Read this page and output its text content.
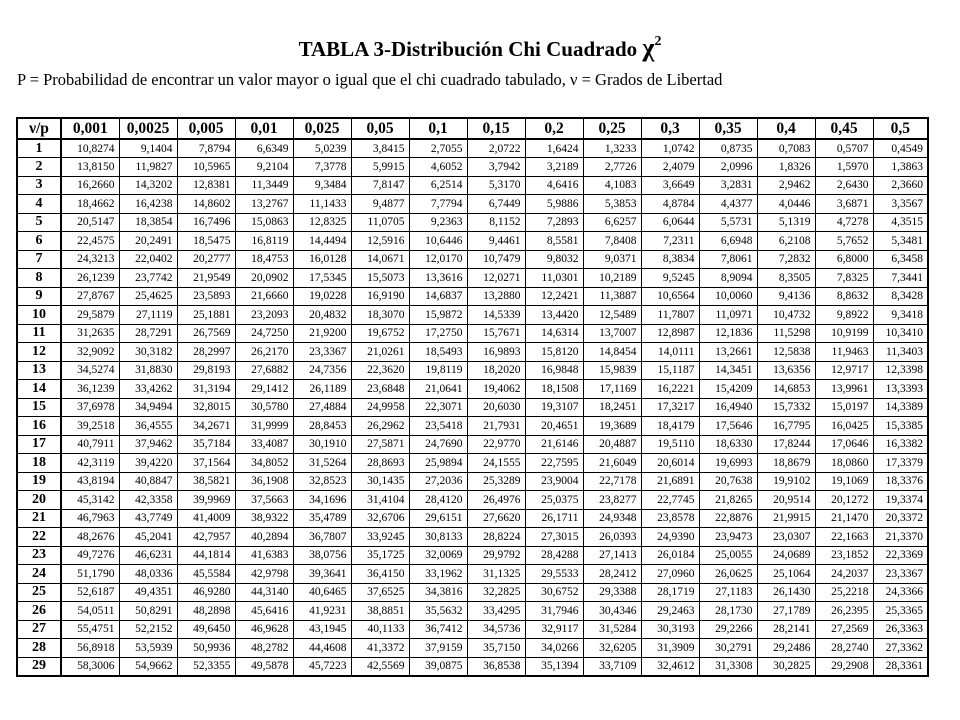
TABLA 3-Distribución Chi Cuadrado $\chi^2$
P = Probabilidad de encontrar un valor mayor o igual que el chi cuadrado tabulado, ν = Grados de Libertad
ν/p	0,001	0,0025	0,005	0,01	0,025	0,05	0,1	0,15	0,2	0,25	0,3	0,35	0,4	0,45	0,5
1	10,8274	9,1404	7,8794	6,6349	5,0239	3,8415	2,7055	2,0722	1,6424	1,3233	1,0742	0,8735	0,7083	0,5707	0,4549
2	13,8150	11,9827	10,5965	9,2104	7,3778	5,9915	4,6052	3,7942	3,2189	2,7726	2,4079	2,0996	1,8326	1,5970	1,3863
3	16,2660	14,3202	12,8381	11,3449	9,3484	7,8147	6,2514	5,3170	4,6416	4,1083	3,6649	3,2831	2,9462	2,6430	2,3660
4	18,4662	16,4238	14,8602	13,2767	11,1433	9,4877	7,7794	6,7449	5,9886	5,3853	4,8784	4,4377	4,0446	3,6871	3,3567
5	20,5147	18,3854	16,7496	15,0863	12,8325	11,0705	9,2363	8,1152	7,2893	6,6257	6,0644	5,5731	5,1319	4,7278	4,3515
6	22,4575	20,2491	18,5475	16,8119	14,4494	12,5916	10,6446	9,4461	8,5581	7,8408	7,2311	6,6948	6,2108	5,7652	5,3481
7	24,3213	22,0402	20,2777	18,4753	16,0128	14,0671	12,0170	10,7479	9,8032	9,0371	8,3834	7,8061	7,2832	6,8000	6,3458
8	26,1239	23,7742	21,9549	20,0902	17,5345	15,5073	13,3616	12,0271	11,0301	10,2189	9,5245	8,9094	8,3505	7,8325	7,3441
9	27,8767	25,4625	23,5893	21,6660	19,0228	16,9190	14,6837	13,2880	12,2421	11,3887	10,6564	10,0060	9,4136	8,8632	8,3428
10	29,5879	27,1119	25,1881	23,2093	20,4832	18,3070	15,9872	14,5339	13,4420	12,5489	11,7807	11,0971	10,4732	9,8922	9,3418
11	31,2635	28,7291	26,7569	24,7250	21,9200	19,6752	17,2750	15,7671	14,6314	13,7007	12,8987	12,1836	11,5298	10,9199	10,3410
12	32,9092	30,3182	28,2997	26,2170	23,3367	21,0261	18,5493	16,9893	15,8120	14,8454	14,0111	13,2661	12,5838	11,9463	11,3403
13	34,5274	31,8830	29,8193	27,6882	24,7356	22,3620	19,8119	18,2020	16,9848	15,9839	15,1187	14,3451	13,6356	12,9717	12,3398
14	36,1239	33,4262	31,3194	29,1412	26,1189	23,6848	21,0641	19,4062	18,1508	17,1169	16,2221	15,4209	14,6853	13,9961	13,3393
15	37,6978	34,9494	32,8015	30,5780	27,4884	24,9958	22,3071	20,6030	19,3107	18,2451	17,3217	16,4940	15,7332	15,0197	14,3389
16	39,2518	36,4555	34,2671	31,9999	28,8453	26,2962	23,5418	21,7931	20,4651	19,3689	18,4179	17,5646	16,7795	16,0425	15,3385
17	40,7911	37,9462	35,7184	33,4087	30,1910	27,5871	24,7690	22,9770	21,6146	20,4887	19,5110	18,6330	17,8244	17,0646	16,3382
18	42,3119	39,4220	37,1564	34,8052	31,5264	28,8693	25,9894	24,1555	22,7595	21,6049	20,6014	19,6993	18,8679	18,0860	17,3379
19	43,8194	40,8847	38,5821	36,1908	32,8523	30,1435	27,2036	25,3289	23,9004	22,7178	21,6891	20,7638	19,9102	19,1069	18,3376
20	45,3142	42,3358	39,9969	37,5663	34,1696	31,4104	28,4120	26,4976	25,0375	23,8277	22,7745	21,8265	20,9514	20,1272	19,3374
21	46,7963	43,7749	41,4009	38,9322	35,4789	32,6706	29,6151	27,6620	26,1711	24,9348	23,8578	22,8876	21,9915	21,1470	20,3372
22	48,2676	45,2041	42,7957	40,2894	36,7807	33,9245	30,8133	28,8224	27,3015	26,0393	24,9390	23,9473	23,0307	22,1663	21,3370
23	49,7276	46,6231	44,1814	41,6383	38,0756	35,1725	32,0069	29,9792	28,4288	27,1413	26,0184	25,0055	24,0689	23,1852	22,3369
24	51,1790	48,0336	45,5584	42,9798	39,3641	36,4150	33,1962	31,1325	29,5533	28,2412	27,0960	26,0625	25,1064	24,2037	23,3367
25	52,6187	49,4351	46,9280	44,3140	40,6465	37,6525	34,3816	32,2825	30,6752	29,3388	28,1719	27,1183	26,1430	25,2218	24,3366
26	54,0511	50,8291	48,2898	45,6416	41,9231	38,8851	35,5632	33,4295	31,7946	30,4346	29,2463	28,1730	27,1789	26,2395	25,3365
27	55,4751	52,2152	49,6450	46,9628	43,1945	40,1133	36,7412	34,5736	32,9117	31,5284	30,3193	29,2266	28,2141	27,2569	26,3363
28	56,8918	53,5939	50,9936	48,2782	44,4608	41,3372	37,9159	35,7150	34,0266	32,6205	31,3909	30,2791	29,2486	28,2740	27,3362
29	58,3006	54,9662	52,3355	49,5878	45,7223	42,5569	39,0875	36,8538	35,1394	33,7109	32,4612	31,3308	30,2825	29,2908	28,3361
